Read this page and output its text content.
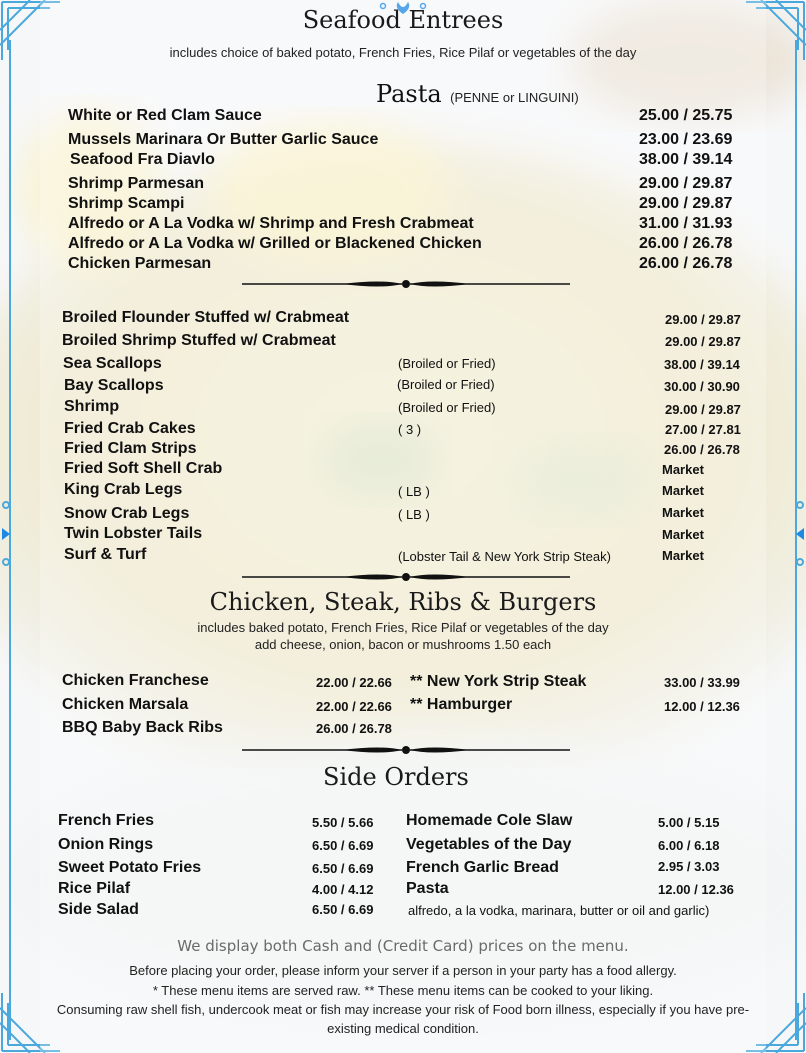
Seafood Entrees
includes choice of baked potato, French Fries, Rice Pilaf or vegetables of the day
Pasta (PENNE or LINGUINI)
White or Red Clam Sauce	25.00 / 25.75
Mussels Marinara Or Butter Garlic Sauce	23.00 / 23.69
Seafood Fra Diavlo	38.00 / 39.14
Shrimp Parmesan	29.00 / 29.87
Shrimp Scampi	29.00 / 29.87
Alfredo or A La Vodka w/ Shrimp and Fresh Crabmeat	31.00 / 31.93
Alfredo or A La Vodka w/ Grilled or Blackened Chicken	26.00 / 26.78
Chicken Parmesan	26.00 / 26.78
Broiled Flounder Stuffed w/ Crabmeat	29.00 / 29.87
Broiled Shrimp Stuffed w/ Crabmeat	29.00 / 29.87
Sea Scallops	(Broiled or Fried)	38.00 / 39.14
Bay Scallops	(Broiled or Fried)	30.00 / 30.90
Shrimp	(Broiled or Fried)	29.00 / 29.87
Fried Crab Cakes	( 3 )	27.00 / 27.81
Fried Clam Strips	26.00 / 26.78
Fried Soft Shell Crab	Market
King Crab Legs	( LB )	Market
Snow Crab Legs	( LB )	Market
Twin Lobster Tails	Market
Surf & Turf	(Lobster Tail & New York Strip Steak)	Market
Chicken, Steak, Ribs & Burgers
includes baked potato, French Fries, Rice Pilaf or vegetables of the day
add cheese, onion, bacon or mushrooms 1.50 each
Chicken Franchese	22.00 / 22.66
Chicken Marsala	22.00 / 22.66
BBQ Baby Back Ribs	26.00 / 26.78
** New York Strip Steak	33.00 / 33.99
** Hamburger	12.00 / 12.36
Side Orders
French Fries	5.50 / 5.66
Onion Rings	6.50 / 6.69
Sweet Potato Fries	6.50 / 6.69
Rice Pilaf	4.00 / 4.12
Side Salad	6.50 / 6.69
Homemade Cole Slaw	5.00 / 5.15
Vegetables of the Day	6.00 / 6.18
French Garlic Bread	2.95 / 3.03
Pasta	12.00 / 12.36
alfredo, a la vodka, marinara, butter or oil and garlic)
We display both Cash and (Credit Card) prices on the menu.
Before placing your order, please inform your server if a person in your party has a food allergy.
* These menu items are served raw. ** These menu items can be cooked to your liking.
Consuming raw shell fish, undercook meat or fish may increase your risk of Food born illness, especially if you have pre-
existing medical condition.
